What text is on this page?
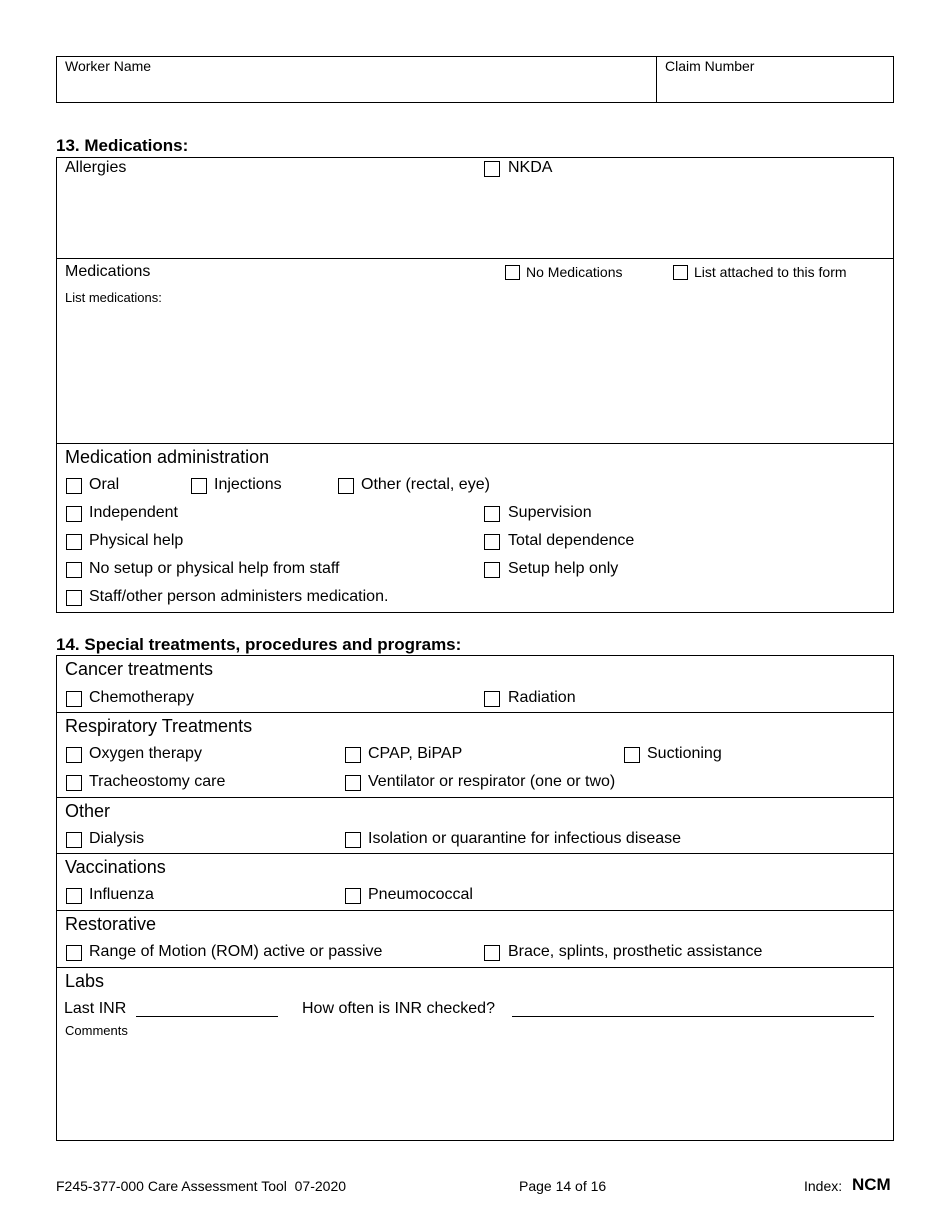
Worker Name	Claim Number
13. Medications:
Allergies	NKDA
Medications	No Medications	List attached to this form
List medications:
Medication administration
Oral	Injections	Other (rectal, eye)
Independent	Supervision
Physical help	Total dependence
No setup or physical help from staff	Setup help only
Staff/other person administers medication.
14. Special treatments, procedures and programs:
Cancer treatments
Chemotherapy	Radiation
Respiratory Treatments
Oxygen therapy	CPAP, BiPAP	Suctioning
Tracheostomy care	Ventilator or respirator (one or two)
Other
Dialysis	Isolation or quarantine for infectious disease
Vaccinations
Influenza	Pneumococcal
Restorative
Range of Motion (ROM) active or passive	Brace, splints, prosthetic assistance
Labs
Last INR	How often is INR checked?
Comments
F245-377-000 Care Assessment Tool  07-2020	Page 14 of 16	Index: NCM
